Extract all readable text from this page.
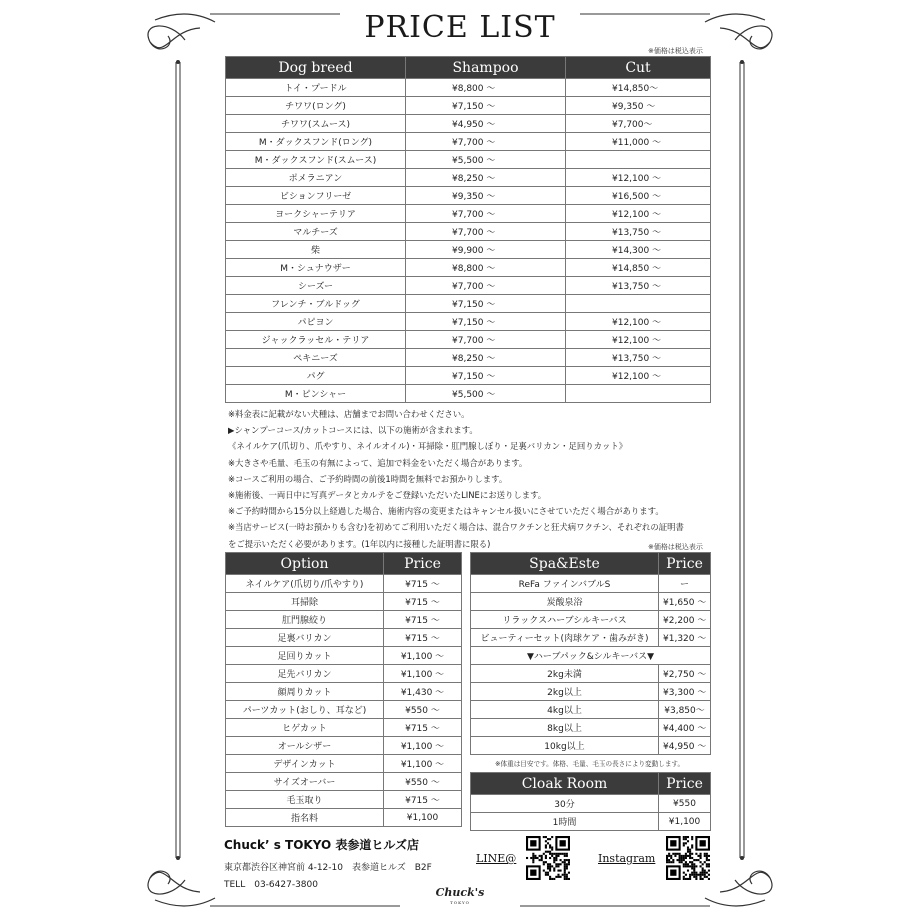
PRICE LIST
※価格は税込表示
Dog breed	Shampoo	Cut
トイ・プードル	¥8,800 ～	¥14,850～
チワワ(ロング)	¥7,150 ～	¥9,350 ～
チワワ(スムース)	¥4,950 ～	¥7,700～
M・ダックスフンド(ロング)	¥7,700 ～	¥11,000 ～
M・ダックスフンド(スムース)	¥5,500 ～	
ポメラニアン	¥8,250 ～	¥12,100 ～
ビションフリーゼ	¥9,350 ～	¥16,500 ～
ヨークシャーテリア	¥7,700 ～	¥12,100 ～
マルチーズ	¥7,700 ～	¥13,750 ～
柴	¥9,900 ～	¥14,300 ～
M・シュナウザー	¥8,800 ～	¥14,850 ～
シーズー	¥7,700 ～	¥13,750 ～
フレンチ・ブルドッグ	¥7,150 ～	
パピヨン	¥7,150 ～	¥12,100 ～
ジャックラッセル・テリア	¥7,700 ～	¥12,100 ～
ペキニーズ	¥8,250 ～	¥13,750 ～
パグ	¥7,150 ～	¥12,100 ～
M・ピンシャー	¥5,500 ～	
※料金表に記載がない犬種は、店舗までお問い合わせください。
▶シャンプーコース/カットコースには、以下の施術が含まれます。
《ネイルケア(爪切り、爪やすり、ネイルオイル)・耳掃除・肛門腺しぼり・足裏バリカン・足回りカット》
※大きさや毛量、毛玉の有無によって、追加で料金をいただく場合があります。
※コースご利用の場合、ご予約時間の前後1時間を無料でお預かりします。
※施術後、一両日中に写真データとカルテをご登録いただいたLINEにお送りします。
※ご予約時間から15分以上経過した場合、施術内容の変更またはキャンセル扱いにさせていただく場合があります。
※当店サービス(一時お預かりも含む)を初めてご利用いただく場合は、混合ワクチンと狂犬病ワクチン、それぞれの証明書
をご提示いただく必要があります。(1年以内に接種した証明書に限る)	※価格は税込表示
Option	Price
ネイルケア(爪切り/爪やすり)	¥715 ～
耳掃除	¥715 ～
肛門腺絞り	¥715 ～
足裏バリカン	¥715 ～
足回りカット	¥1,100 ～
足先バリカン	¥1,100 ～
顔周りカット	¥1,430 ～
パーツカット(おしり、耳など)	¥550 ～
ヒゲカット	¥715 ～
オールシザー	¥1,100 ～
デザインカット	¥1,100 ～
サイズオーバー	¥550 ～
毛玉取り	¥715 ～
指名料	¥1,100
Spa&Este	Price
ReFa ファインバブルS	ー
炭酸泉浴	¥1,650 ～
リラックスハーブシルキーバス	¥2,200 ～
ビューティーセット(肉球ケア・歯みがき)	¥1,320 ～
▼ハーブパック&シルキーバス▼	
2kg未満	¥2,750 ～
2kg以上	¥3,300 ～
4kg以上	¥3,850～
8kg以上	¥4,400 ～
10kg以上	¥4,950 ～
※体重は目安です。体格、毛量、毛玉の長さにより変動します。
Cloak Room	Price
30分	¥550
1時間	¥1,100
Chuck’ s TOKYO 表参道ヒルズ店
東京都渋谷区神宮前 4-12-10　表参道ヒルズ　B2F
TELL　03-6427-3800
LINE@	Instagram
Chuck's
TOKYO
